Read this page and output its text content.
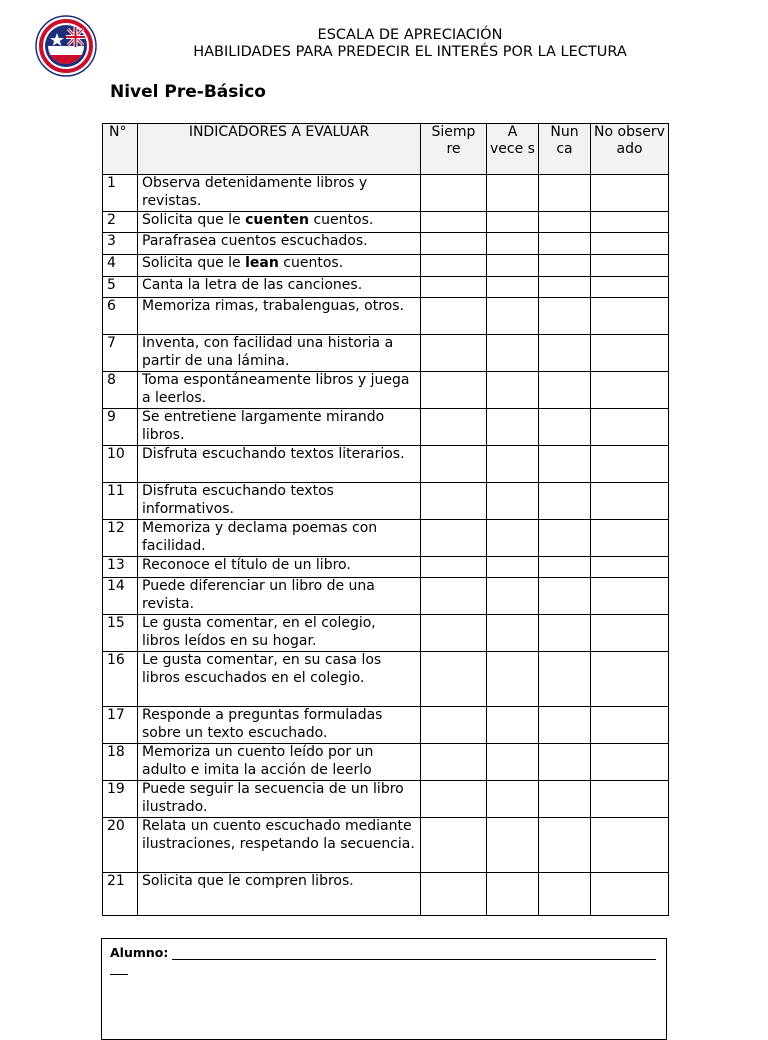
ESCALA DE APRECIACIÓN
HABILIDADES PARA PREDECIR EL INTERÉS POR LA LECTURA
Nivel Pre-Básico
N°	INDICADORES A EVALUAR	Siemp re	A vece s	Nun ca	No observ ado
1	Observa detenidamente libros y revistas.				
2	Solicita que le cuenten cuentos.				
3	Parafrasea cuentos escuchados.				
4	Solicita que le lean cuentos.				
5	Canta la letra de las canciones.				
6	Memoriza rimas, trabalenguas, otros.				
7	Inventa, con facilidad una historia a partir de una lámina.				
8	Toma espontáneamente libros y juega a leerlos.				
9	Se entretiene largamente mirando libros.				
10	Disfruta escuchando textos literarios.				
11	Disfruta escuchando textos informativos.				
12	Memoriza y declama poemas con facilidad.				
13	Reconoce el título de un libro.				
14	Puede diferenciar un libro de una revista.				
15	Le gusta comentar, en el colegio, libros leídos en su hogar.				
16	Le gusta comentar, en su casa los libros escuchados en el colegio.				
17	Responde a preguntas formuladas sobre un texto escuchado.				
18	Memoriza un cuento leído por un adulto e imita la acción de leerlo				
19	Puede seguir la secuencia de un libro ilustrado.				
20	Relata un cuento escuchado mediante ilustraciones, respetando la secuencia.				
21	Solicita que le compren libros.				
Alumno:
